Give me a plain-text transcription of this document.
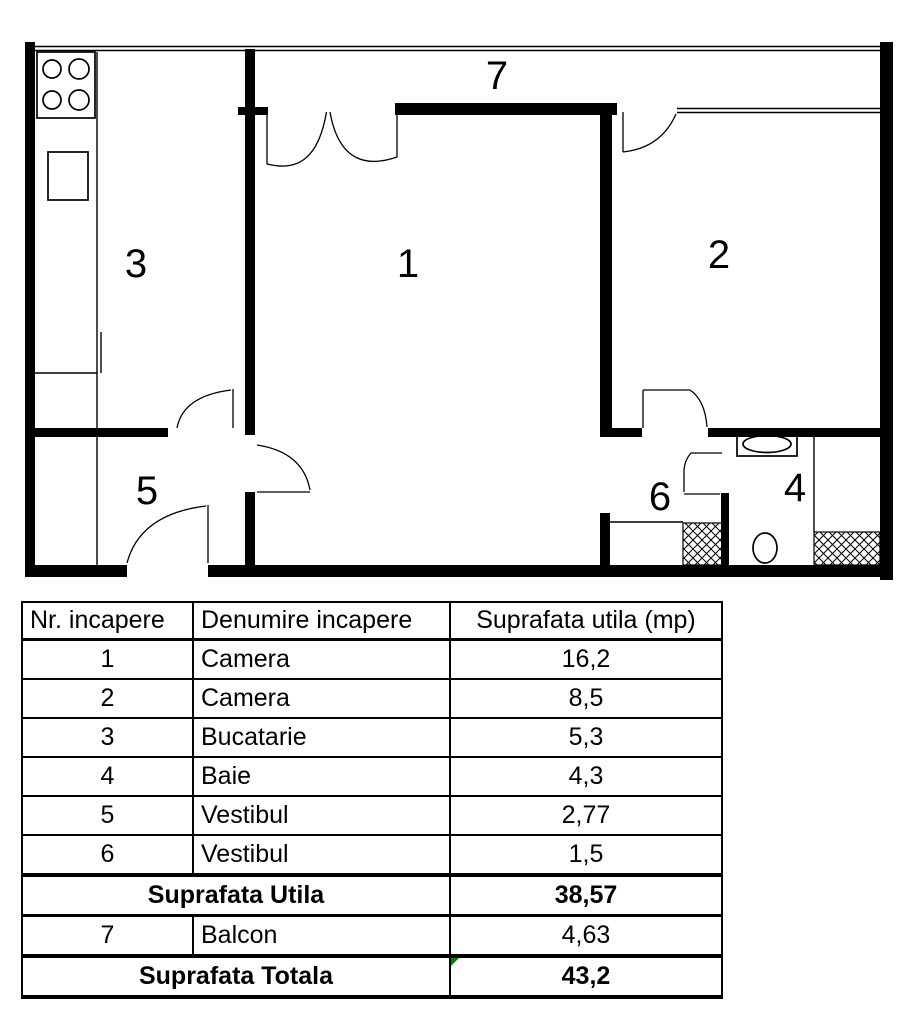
7
1	2
3
4
5	6
Nr. incapere	Denumire incapere	Suprafata utila (mp)
1	Camera	16,2
2	Camera	8,5
3	Bucatarie	5,3
4	Baie	4,3
5	Vestibul	2,77
6	Vestibul	1,5
Suprafata Utila		38,57
7	Balcon	4,63
Suprafata Totala		43,2
